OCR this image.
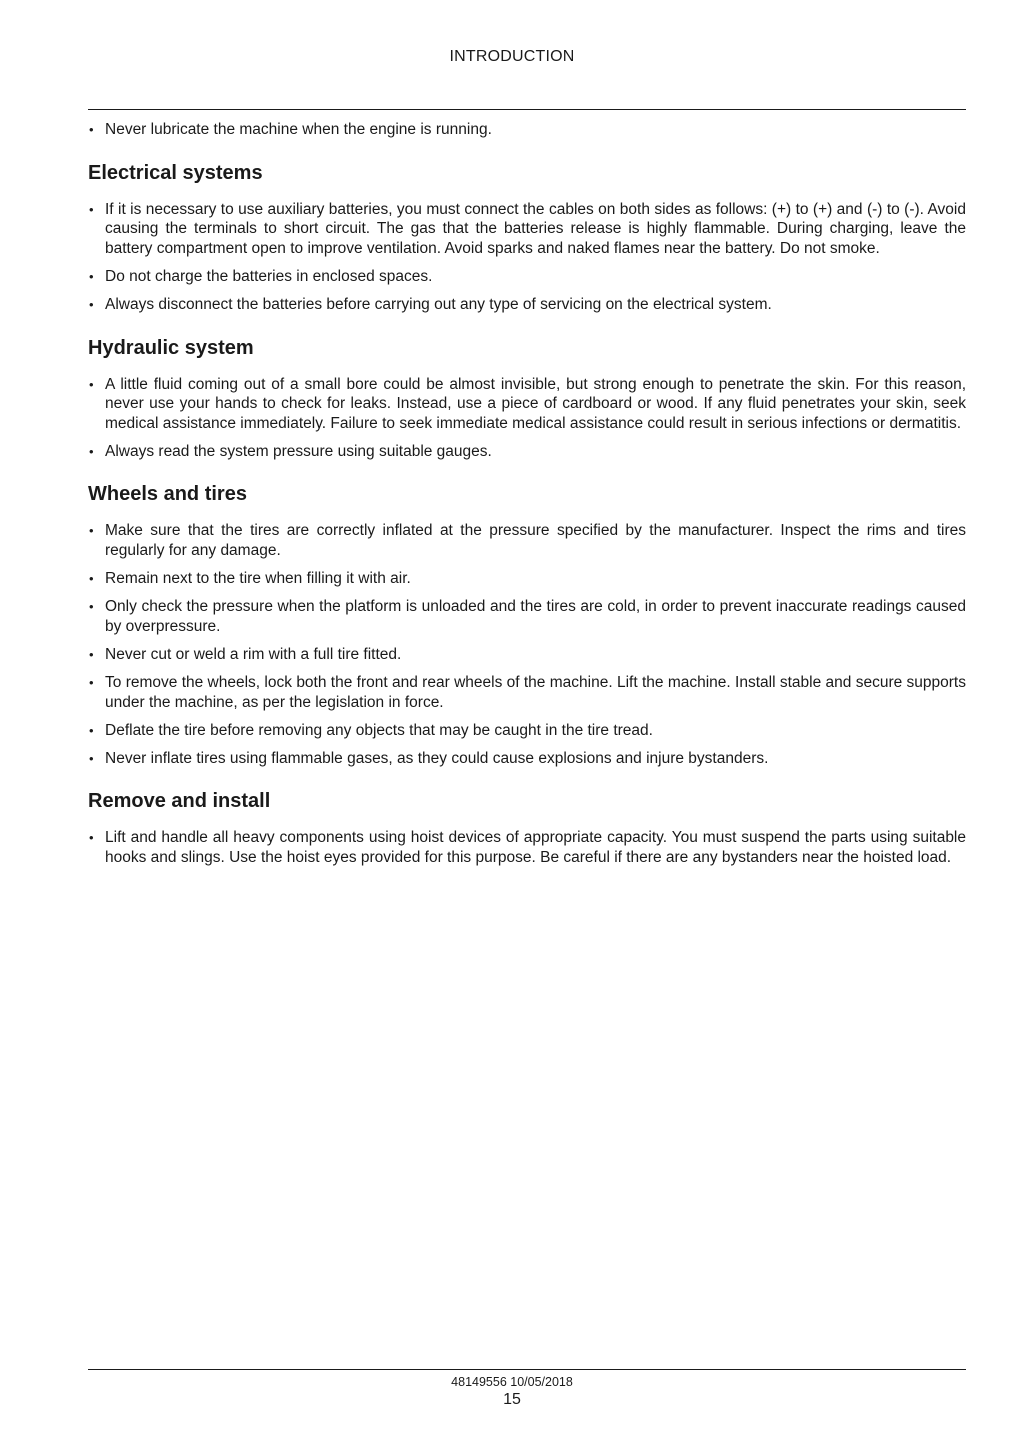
INTRODUCTION
• Never lubricate the machine when the engine is running.
Electrical systems
• If it is necessary to use auxiliary batteries, you must connect the cables on both sides as follows: (+) to (+) and (-) to (-). Avoid causing the terminals to short circuit. The gas that the batteries release is highly flammable. During charging, leave the battery compartment open to improve ventilation. Avoid sparks and naked flames near the battery. Do not smoke.
• Do not charge the batteries in enclosed spaces.
• Always disconnect the batteries before carrying out any type of servicing on the electrical system.
Hydraulic system
• A little fluid coming out of a small bore could be almost invisible, but strong enough to penetrate the skin. For this reason, never use your hands to check for leaks. Instead, use a piece of cardboard or wood. If any fluid penetrates your skin, seek medical assistance immediately. Failure to seek immediate medical assistance could result in serious infections or dermatitis.
• Always read the system pressure using suitable gauges.
Wheels and tires
• Make sure that the tires are correctly inflated at the pressure specified by the manufacturer. Inspect the rims and tires regularly for any damage.
• Remain next to the tire when filling it with air.
• Only check the pressure when the platform is unloaded and the tires are cold, in order to prevent inaccurate readings caused by overpressure.
• Never cut or weld a rim with a full tire fitted.
• To remove the wheels, lock both the front and rear wheels of the machine. Lift the machine. Install stable and secure supports under the machine, as per the legislation in force.
• Deflate the tire before removing any objects that may be caught in the tire tread.
• Never inflate tires using flammable gases, as they could cause explosions and injure bystanders.
Remove and install
• Lift and handle all heavy components using hoist devices of appropriate capacity. You must suspend the parts using suitable hooks and slings. Use the hoist eyes provided for this purpose. Be careful if there are any bystanders near the hoisted load.
48149556 10/05/2018
15
